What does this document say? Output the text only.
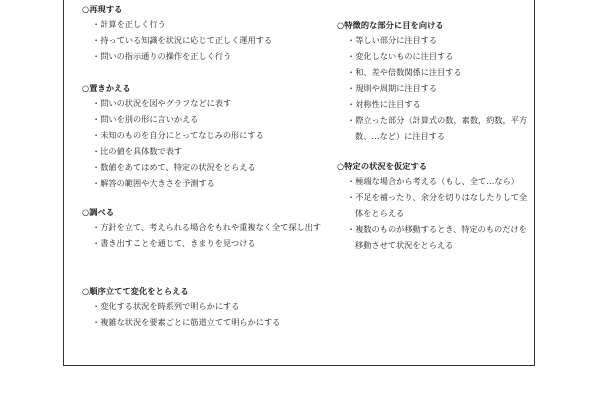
○再現する
・計算を正しく行う
・持っている知識を状況に応じて正しく運用する
・問いの指示通りの操作を正しく行う
○置きかえる
・問いの状況を図やグラフなどに表す
・問いを別の形に言いかえる
・未知のものを自分にとってなじみの形にする
・比の値を具体数で表す
・数値をあてはめて、特定の状況をとらえる
・解答の範囲や大きさを予測する
○調べる
・方針を立て、考えられる場合をもれや重複なく全て探し出す
・書き出すことを通じて、きまりを見つける
○順序立てて変化をとらえる
・変化する状況を時系列で明らかにする
・複雑な状況を要素ごとに筋道立てて明らかにする
○特徴的な部分に目を向ける
・等しい部分に注目する
・変化しないものに注目する
・和、差や倍数関係に注目する
・規則や周期に注目する
・対称性に注目する
・際立った部分（計算式の数，素数，約数，平方数、…など）に注目する
○特定の状況を仮定する
・極端な場合から考える（もし、全て…なら）
・不足を補ったり、余分を切りはなしたりして全体をとらえる
・複数のものが移動するとき、特定のものだけを移動させて状況をとらえる
